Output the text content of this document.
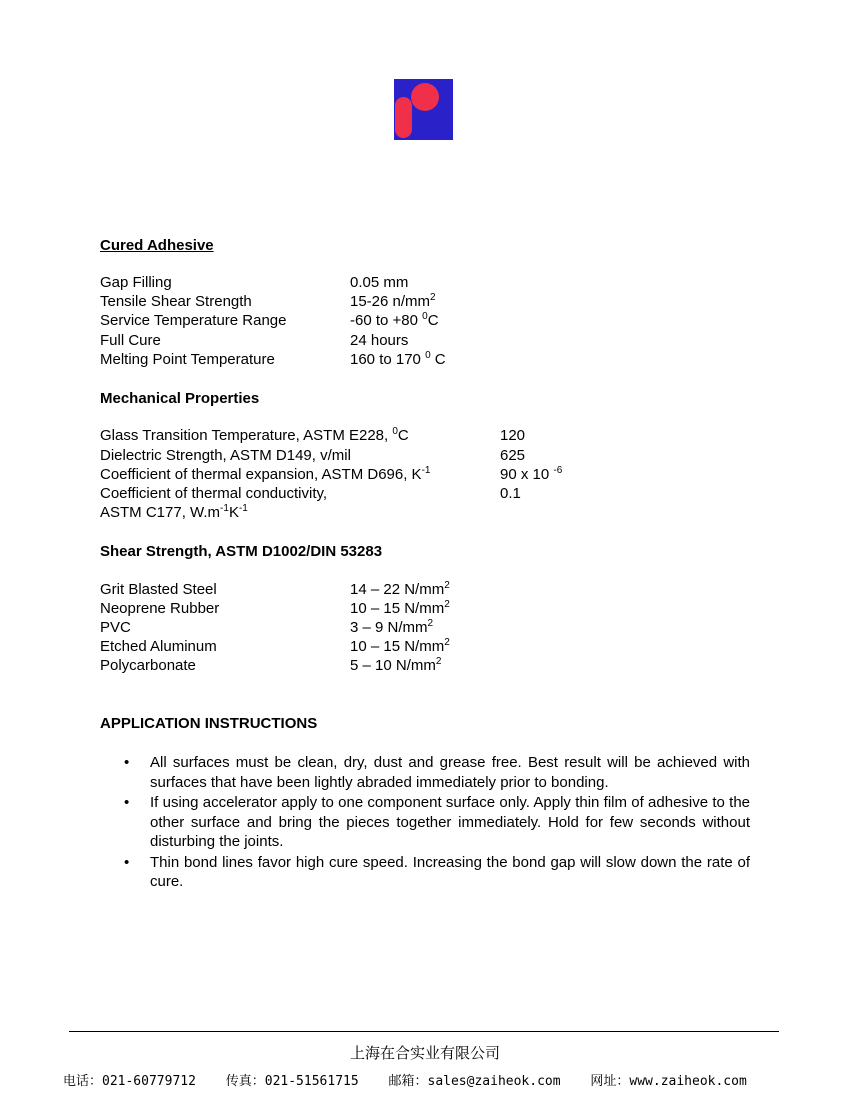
Cured Adhesive
Gap Filling	0.05 mm
Tensile Shear Strength	15-26 $n/mm^2$
Service Temperature Range	-60 to +80 $^0$C
Full Cure	24 hours
Melting Point Temperature	160 to 170 $^0$ C
Mechanical Properties
Glass Transition Temperature, ASTM E228, $^0$C	120
Dielectric Strength, ASTM D149, v/mil	625
Coefficient of thermal expansion, ASTM D696, $K^{-1}$	90 x 10 $^{-6}$
Coefficient of thermal conductivity,	0.1
ASTM C177, $W.m^{-1}K^{-1}$
Shear Strength, ASTM D1002/DIN 53283
Grit Blasted Steel	14 – 22 $N/mm^2$
Neoprene Rubber	10 – 15 $N/mm^2$
PVC	3 – 9 $N/mm^2$
Etched Aluminum	10 – 15 $N/mm^2$
Polycarbonate	5 – 10 $N/mm^2$
APPLICATION INSTRUCTIONS
• All surfaces must be clean, dry, dust and grease free. Best result will be achieved with surfaces that have been lightly abraded immediately prior to bonding.
• If using accelerator apply to one component surface only. Apply thin film of adhesive to the other surface and bring the pieces together immediately. Hold for few seconds without disturbing the joints.
• Thin bond lines favor high cure speed. Increasing the bond gap will slow down the rate of cure.
上海在合实业有限公司
电话：021-60779712 传真：021-51561715 邮箱：sales@zaiheok.com 网址：www.zaiheok.com
